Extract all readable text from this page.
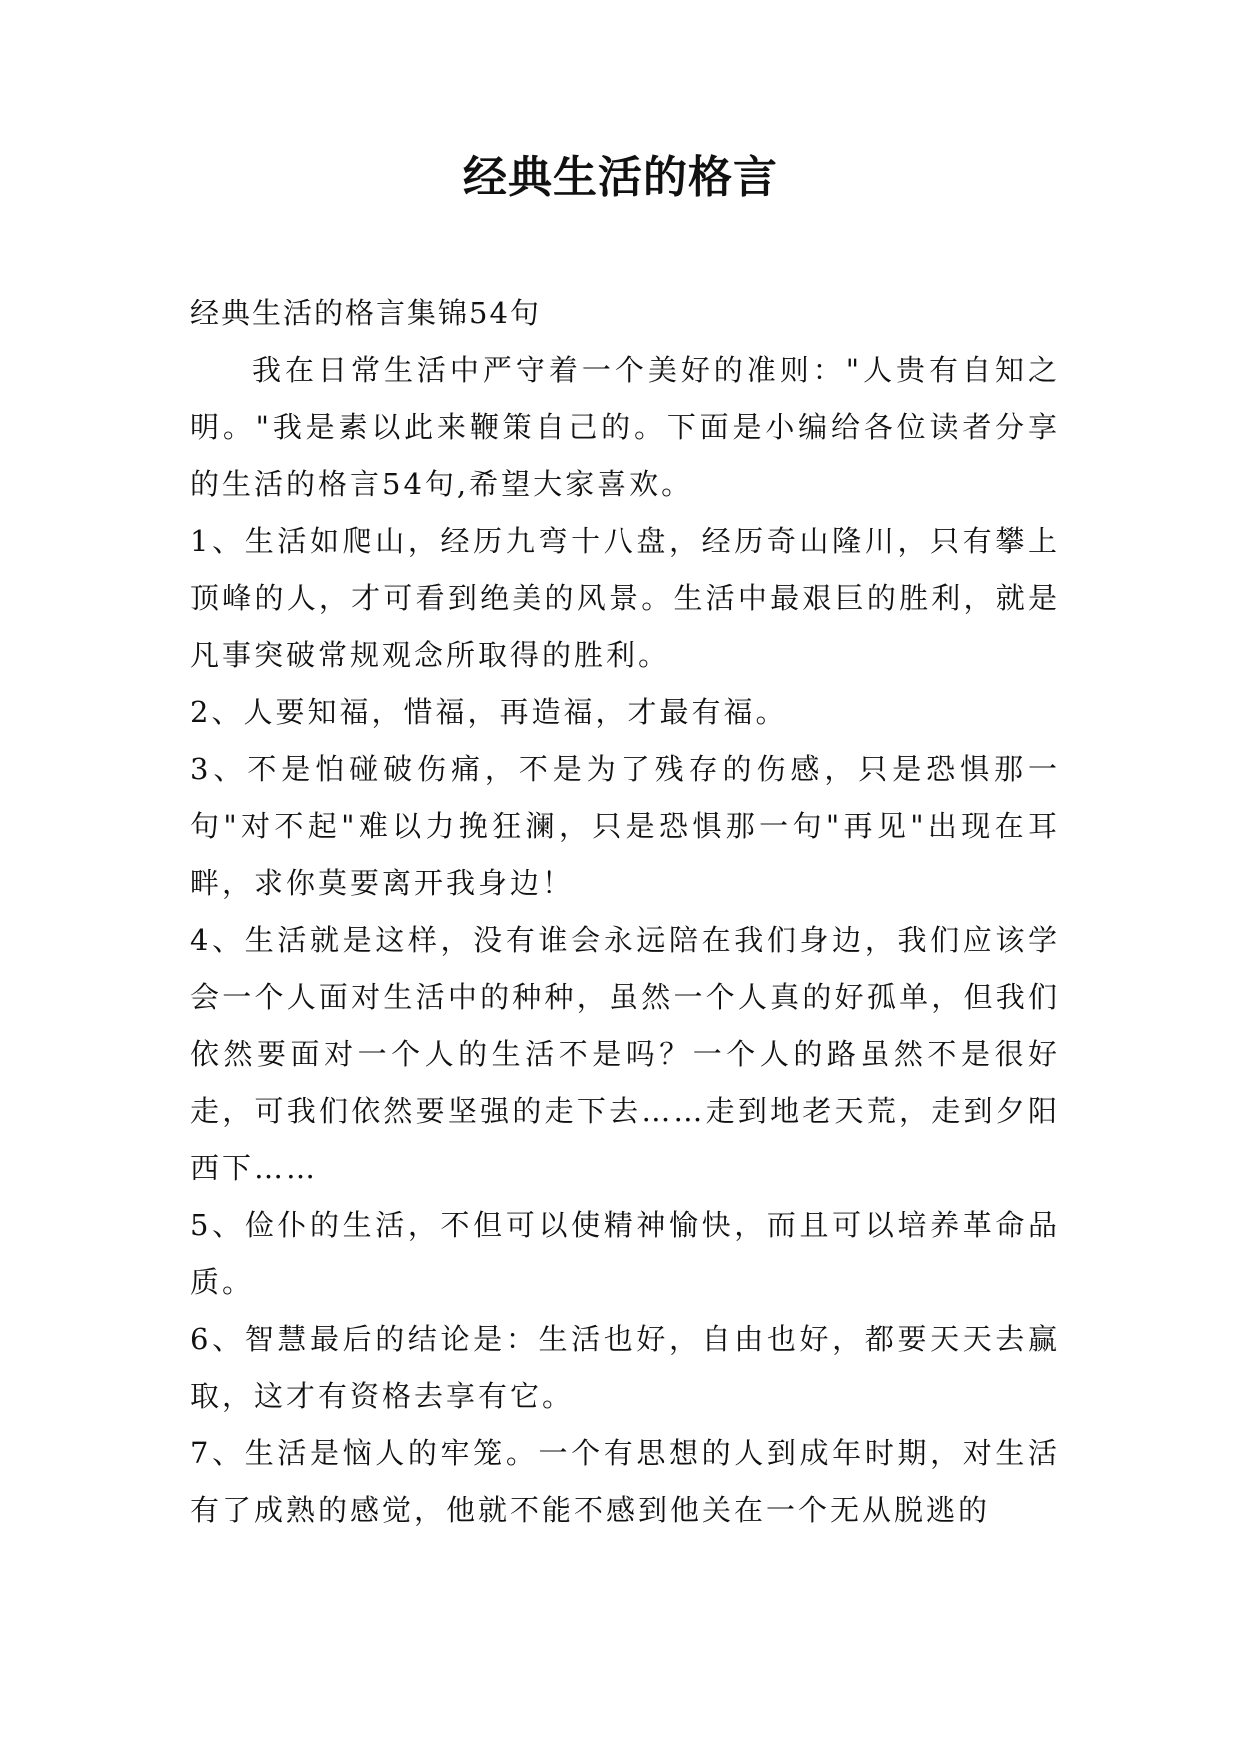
经典生活的格言

经典生活的格言集锦54句

我在日常生活中严守着一个美好的准则："人贵有自知之明。"我是素以此来鞭策自己的。下面是小编给各位读者分享的生活的格言54句,希望大家喜欢。

1、生活如爬山，经历九弯十八盘，经历奇山隆川，只有攀上顶峰的人，才可看到绝美的风景。生活中最艰巨的胜利，就是凡事突破常规观念所取得的胜利。

2、人要知福，惜福，再造福，才最有福。

3、不是怕碰破伤痛，不是为了残存的伤感，只是恐惧那一句"对不起"难以力挽狂澜，只是恐惧那一句"再见"出现在耳畔，求你莫要离开我身边！

4、生活就是这样，没有谁会永远陪在我们身边，我们应该学会一个人面对生活中的种种，虽然一个人真的好孤单，但我们依然要面对一个人的生活不是吗？一个人的路虽然不是很好走，可我们依然要坚强的走下去……走到地老天荒，走到夕阳西下……

5、俭仆的生活，不但可以使精神愉快，而且可以培养革命品质。

6、智慧最后的结论是：生活也好，自由也好，都要天天去赢取，这才有资格去享有它。

7、生活是恼人的牢笼。一个有思想的人到成年时期，对生活有了成熟的感觉，他就不能不感到他关在一个无从脱逃的
